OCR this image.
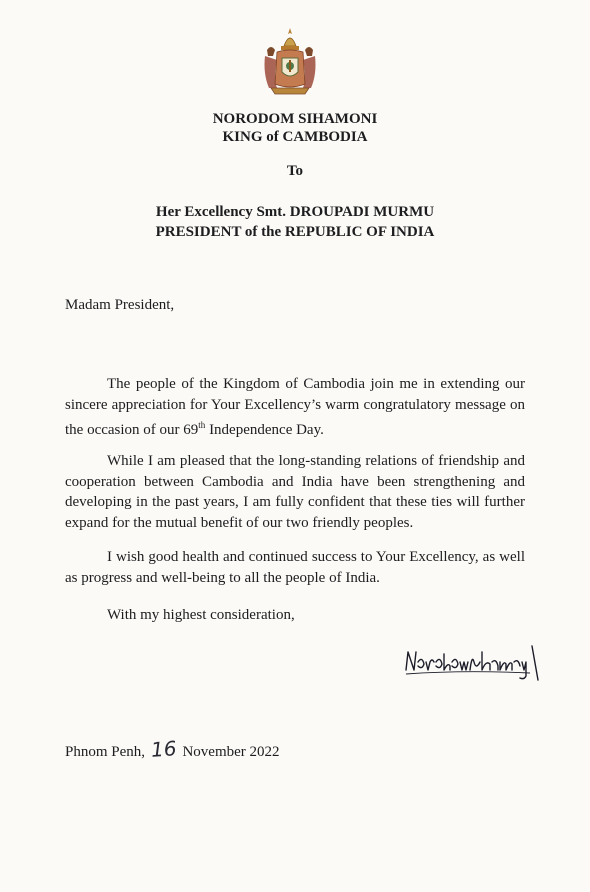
NORODOM SIHAMONI
KING of CAMBODIA
To
Her Excellency Smt. DROUPADI MURMU
PRESIDENT of the REPUBLIC OF INDIA
Madam President,
The people of the Kingdom of Cambodia join me in extending our sincere appreciation for Your Excellency’s warm congratulatory message on the occasion of our 69th Independence Day.
While I am pleased that the long-standing relations of friendship and cooperation between Cambodia and India have been strengthening and developing in the past years, I am fully confident that these ties will further expand for the mutual benefit of our two friendly peoples.
I wish good health and continued success to Your Excellency, as well as progress and well-being to all the people of India.
With my highest consideration,
Phnom Penh, 16 November 2022
